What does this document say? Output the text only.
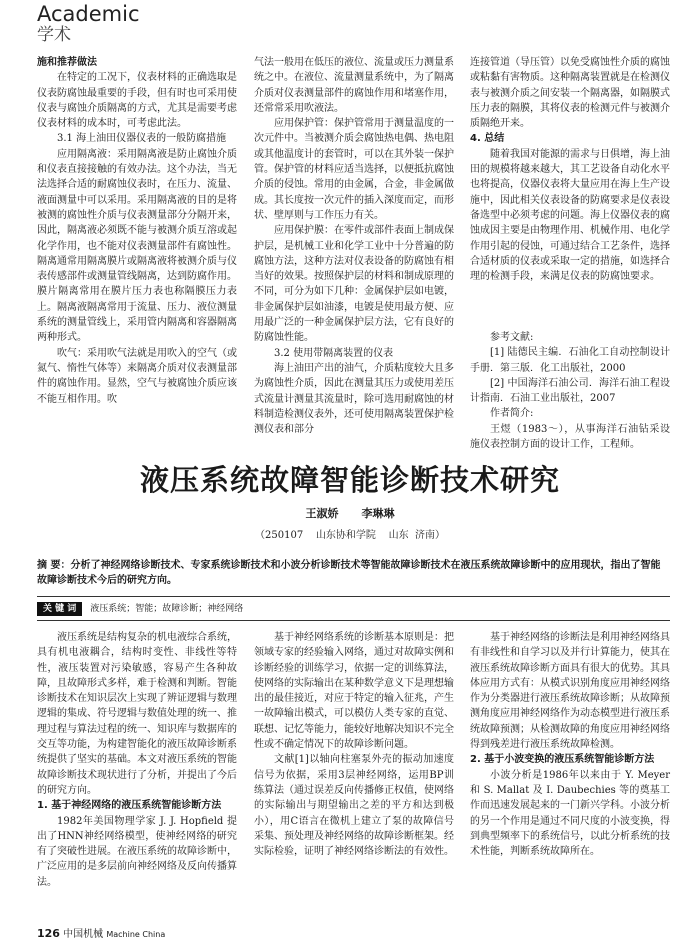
Academic
学术

施和推荐做法

在特定的工况下，仪表材料的正确选取是仪表防腐蚀最重要的手段，但有时也可采用使仪表与腐蚀介质隔离的方式，尤其是需要考虑仪表材料的成本时，可考虑此法。

3.1 海上油田仪器仪表的一般防腐措施

应用隔离液：采用隔离液是防止腐蚀介质和仪表直接接触的有效办法。这个办法，当无法选择合适的耐腐蚀仪表时，在压力、流量、液面测量中可以采用。采用隔离液的目的是将被测的腐蚀性介质与仪表测量部分分隔开来，因此，隔离液必须既不能与被测介质互溶或起化学作用，也不能对仪表测量部件有腐蚀性。隔离通常用隔离膜片或隔离液将被测介质与仪表传感部件或测量管线隔离，达到防腐作用。膜片隔离常用在膜片压力表也称隔膜压力表上。隔离液隔离常用于流量、压力、液位测量系统的测量管线上，采用管内隔离和容器隔离两种形式。

吹气：采用吹气法就是用吹入的空气（或氮气、惰性气体等）来隔离介质对仪表测量部件的腐蚀作用。显然，空气与被腐蚀介质应该不能互相作用。吹

气法一般用在低压的液位、流量或压力测量系统之中。在液位、流量测量系统中，为了隔离介质对仪表测量部件的腐蚀作用和堵塞作用，还常常采用吹液法。

应用保护管：保护管常用于测量温度的一次元件中。当被测介质会腐蚀热电偶、热电阻或其他温度计的套管时，可以在其外装一保护管。保护管的材料应适当选择，以便抵抗腐蚀介质的侵蚀。常用的由金属，合金，非金属做成。其长度按一次元件的插入深度而定，而形状、壁厚则与工作压力有关。

应用保护膜：在零件或部件表面上制成保护层，是机械工业和化学工业中十分普遍的防腐蚀方法，这种方法对仪表设备的防腐蚀有相当好的效果。按照保护层的材料和制成原理的不同，可分为如下几种：金属保护层如电镀，非金属保护层如油漆，电镀是使用最方便、应用最广泛的一种金属保护层方法，它有良好的防腐蚀性能。

3.2 使用带隔离装置的仪表

海上油田产出的油气，介质粘度较大且多为腐蚀性介质，因此在测量其压力或使用差压式流量计测量其流量时，除可选用耐腐蚀的材料制造检测仪表外，还可使用隔离装置保护检测仪表和部分

连接管道（导压管）以免受腐蚀性介质的腐蚀或粘黏有害物质。这种隔离装置就是在检测仪表与被测介质之间安装一个隔离器，如隔膜式压力表的隔膜，其将仪表的检测元件与被测介质隔绝开来。

4. 总结

随着我国对能源的需求与日俱增，海上油田的规模将越来越大，其工艺设备自动化水平也将提高，仪器仪表将大量应用在海上生产设施中，因此相关仪表设备的防腐要求是仪表设备选型中必须考虑的问题。海上仪器仪表的腐蚀成因主要是由物理作用、机械作用、电化学作用引起的侵蚀，可通过结合工艺条件，选择合适材质的仪表或采取一定的措施，如选择合理的检测手段，来满足仪表的防腐蚀要求。

参考文献:

[1] 陆德民主编．石油化工自动控制设计手册．第三版．化工出版社，2000

[2] 中国海洋石油公司．海洋石油工程设计指南．石油工业出版社，2007

作者简介:

王煜（1983～），从事海洋石油钻采设施仪表控制方面的设计工作，工程师。

液压系统故障智能诊断技术研究
王淑娇      李琳琳
（250107    山东协和学院    山东  济南）
摘 要：分析了神经网络诊断技术、专家系统诊断技术和小波分析诊断技术等智能故障诊断技术在液压系统故障诊断中的应用现状，指出了智能故障诊断技术今后的研究方向。
关 键 词 液压系统；智能；故障诊断；神经网络

液压系统是结构复杂的机电液综合系统，具有机电液耦合，结构时变性、非线性等特性，液压装置对污染敏感，容易产生各种故障，且故障形式多样，难于检测和判断。智能诊断技术在知识层次上实现了辨证逻辑与数理逻辑的集成、符号逻辑与数值处理的统一、推理过程与算法过程的统一、知识库与数据库的交互等功能，为构建智能化的液压故障诊断系统提供了坚实的基础。本文对液压系统的智能故障诊断技术现状进行了分析，并提出了今后的研究方向。

1. 基于神经网络的液压系统智能诊断方法

1982年美国物理学家 J. J. Hopfield 提出了HNN神经网络模型，使神经网络的研究有了突破性进展。在液压系统的故障诊断中，广泛应用的是多层前向神经网络及反向传播算法。

基于神经网络系统的诊断基本原则是：把领域专家的经验输入网络，通过对故障实例和诊断经验的训练学习，依据一定的训练算法，使网络的实际输出在某种数学意义下是理想输出的最佳接近，对应于特定的输入征兆，产生一故障输出模式，可以模仿人类专家的直觉、联想、记忆等能力，能较好地解决知识不完全性或不确定情况下的故障诊断问题。

文献[1]以轴向柱塞泵外壳的振动加速度信号为依据，采用3层神经网络，运用BP训练算法（通过误差反向传播修正权值，使网络的实际输出与期望输出之差的平方和达到极小），用C语言在微机上建立了泵的故障信号采集、预处理及神经网络的故障诊断框架。经实际检验，证明了神经网络诊断法的有效性。

基于神经网络的诊断法是利用神经网络具有非线性和自学习以及并行计算能力，使其在液压系统故障诊断方面具有很大的优势。其具体应用方式有：从模式识别角度应用神经网络作为分类器进行液压系统故障诊断；从故障预测角度应用神经网络作为动态模型进行液压系统故障预测；从检测故障的角度应用神经网络得到残差进行液压系统故障检测。

2. 基于小波变换的液压系统智能诊断方法

小波分析是1986年以来由于 Y. Meyer 和 S. Mallat 及 I. Daubechies 等的奠基工作而迅速发展起来的一门新兴学科。小波分析的另一个作用是通过不同尺度的小波变换，得到典型频率下的系统信号，以此分析系统的技术性能，判断系统故障所在。

126 中国机械 Machine China
